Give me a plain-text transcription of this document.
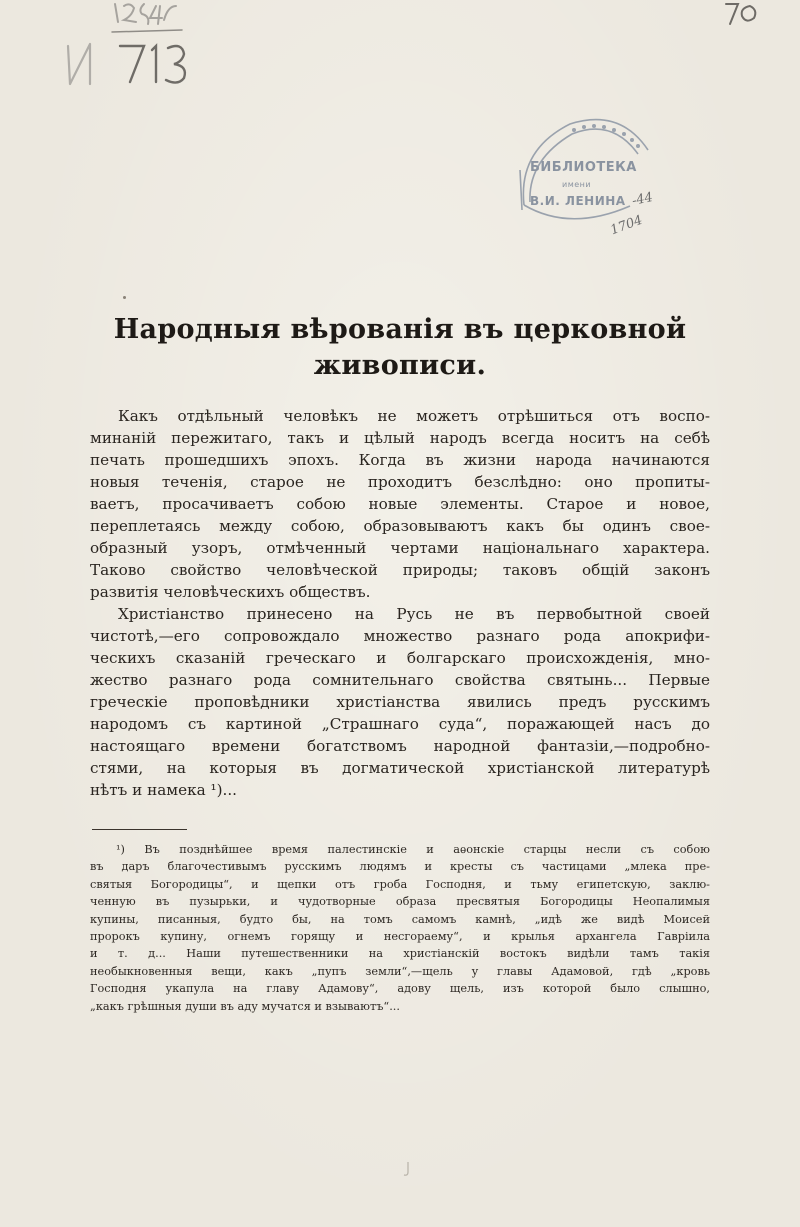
БИБЛИОТЕКА
имени
В.И. ЛЕНИНА -44
1704
Народныя вѣрованія въ церковной
живописи.
Какъ отдѣльный человѣкъ не можетъ отрѣшиться отъ воспо-
минаній пережитаго, такъ и цѣлый народъ всегда носитъ на себѣ
печать прошедшихъ эпохъ. Когда въ жизни народа начинаются
новыя теченія, старое не проходитъ безслѣдно: оно пропиты-
ваетъ, просачиваетъ собою новые элементы. Старое и новое,
переплетаясь между собою, образовываютъ какъ бы одинъ свое-
образный узоръ, отмѣченный чертами національнаго характера.
Таково свойство человѣческой природы; таковъ общій законъ
развитія человѣческихъ обществъ.
Христіанство принесено на Русь не въ первобытной своей
чистотѣ,—его сопровождало множество разнаго рода апокрифи-
ческихъ сказаній греческаго и болгарскаго происхожденія, мно-
жество разнаго рода сомнительнаго свойства святынь... Первые
греческіе проповѣдники христіанства явились предъ русскимъ
народомъ съ картиной „Страшнаго суда“, поражающей насъ до
настоящаго времени богатствомъ народной фантазіи,—подробно-
стями, на которыя въ догматической христіанской литературѣ
нѣтъ и намека ¹)...
¹) Въ позднѣйшее время палестинскіе и аѳонскіе старцы несли съ собою
въ даръ благочестивымъ русскимъ людямъ и кресты съ частицами „млека пре-
святыя Богородицы“, и щепки отъ гроба Господня, и тьму египетскую, заклю-
ченную въ пузырьки, и чудотворные образа пресвятыя Богородицы Неопалимыя
купины, писанныя, будто бы, на томъ самомъ камнѣ, „идѣ же видѣ Моисей
пророкъ купину, огнемъ горящу и несгораему“, и крылья архангела Гавріила
и т. д... Наши путешественники на христіанскій востокъ видѣли тамъ такія
необыкновенныя вещи, какъ „пупъ земли“,—щель у главы Адамовой, гдѣ „кровь
Господня укапула на главу Адамову“, адову щель, изъ которой было слышно,
„какъ грѣшныя души въ аду мучатся и взываютъ“...
